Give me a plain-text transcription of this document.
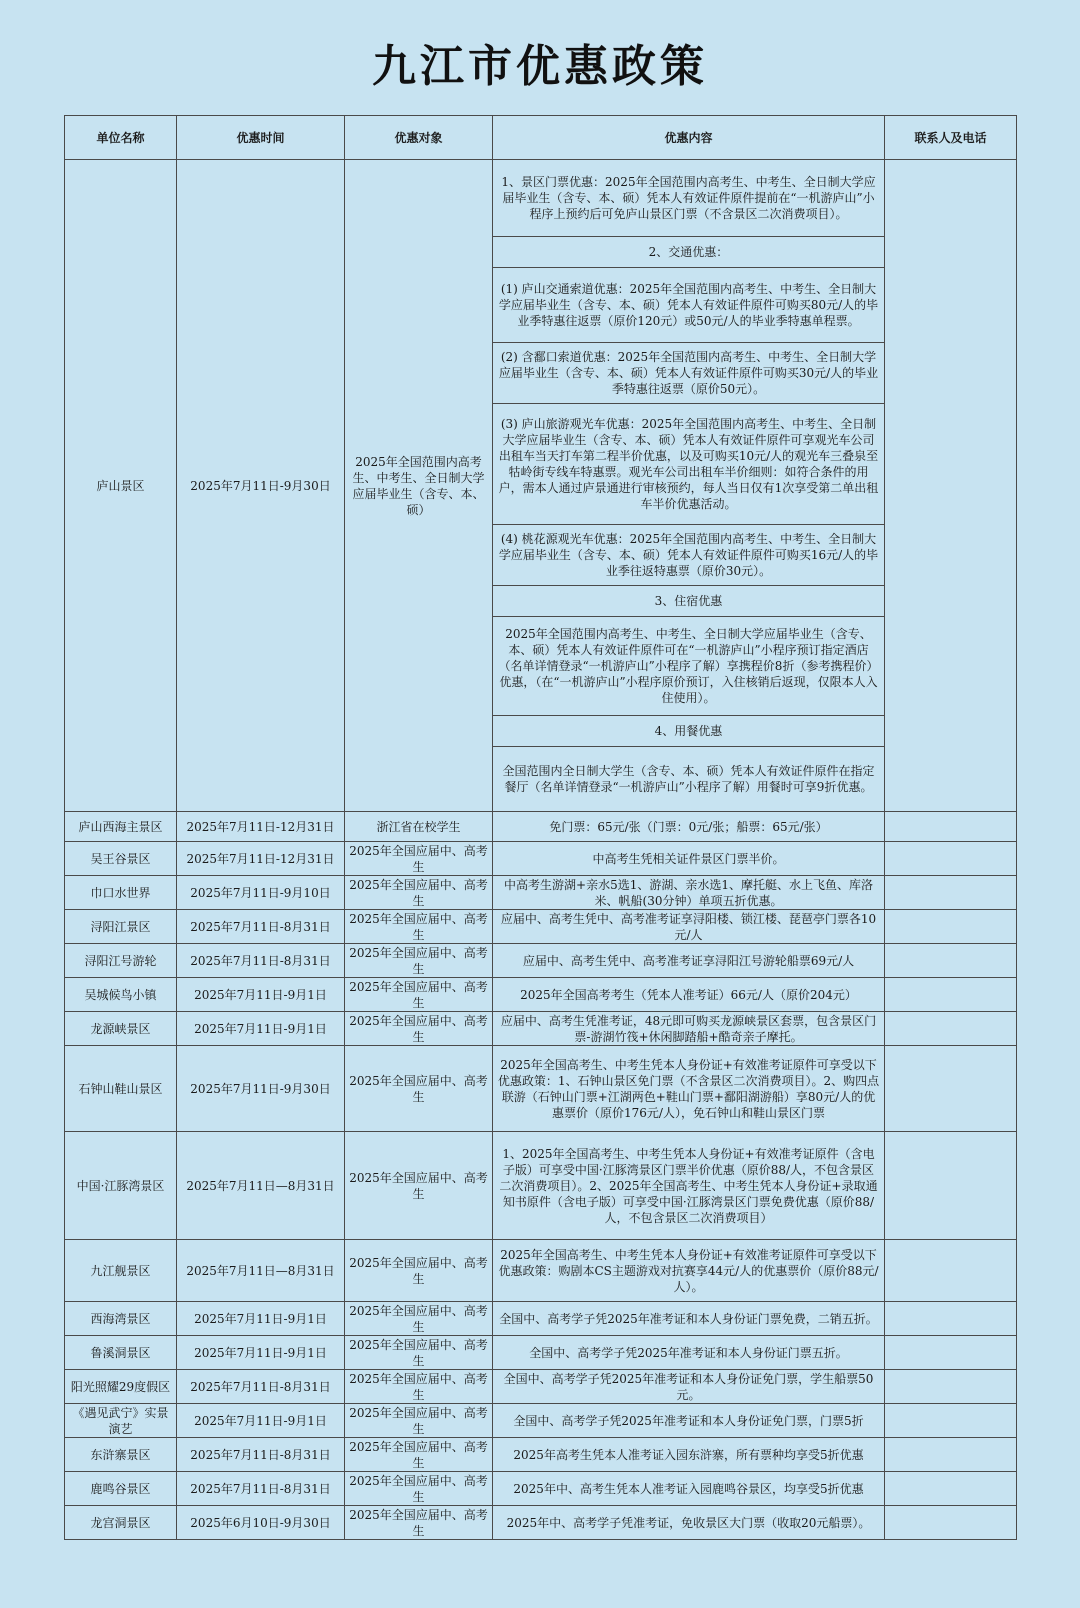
九江市优惠政策
单位名称	优惠时间	优惠对象	优惠内容	联系人及电话
庐山景区	2025年7月11日-9月30日	2025年全国范围内高考生、中考生、全日制大学应届毕业生（含专、本、硕）	1、景区门票优惠：2025年全国范围内高考生、中考生、全日制大学应届毕业生（含专、本、硕）凭本人有效证件原件提前在“一机游庐山”小程序上预约后可免庐山景区门票（不含景区二次消费项目）。	
			2、交通优惠：	
			(1) 庐山交通索道优惠：2025年全国范围内高考生、中考生、全日制大学应届毕业生（含专、本、硕）凭本人有效证件原件可购买80元/人的毕业季特惠往返票（原价120元）或50元/人的毕业季特惠单程票。	
			(2) 含鄱口索道优惠：2025年全国范围内高考生、中考生、全日制大学应届毕业生（含专、本、硕）凭本人有效证件原件可购买30元/人的毕业季特惠往返票（原价50元）。	
			(3) 庐山旅游观光车优惠：2025年全国范围内高考生、中考生、全日制大学应届毕业生（含专、本、硕）凭本人有效证件原件可享观光车公司出租车当天打车第二程半价优惠，以及可购买10元/人的观光车三叠泉至牯岭街专线车特惠票。观光车公司出租车半价细则：如符合条件的用户，需本人通过庐景通进行审核预约，每人当日仅有1次享受第二单出租车半价优惠活动。	
			(4) 桃花源观光车优惠：2025年全国范围内高考生、中考生、全日制大学应届毕业生（含专、本、硕）凭本人有效证件原件可购买16元/人的毕业季往返特惠票（原价30元）。	
			3、住宿优惠	
			2025年全国范围内高考生、中考生、全日制大学应届毕业生（含专、本、硕）凭本人有效证件原件可在“一机游庐山”小程序预订指定酒店（名单详情登录“一机游庐山”小程序了解）享携程价8折（参考携程价）优惠，（在“一机游庐山”小程序原价预订，入住核销后返现，仅限本人入住使用）。	
			4、用餐优惠	
			全国范围内全日制大学生（含专、本、硕）凭本人有效证件原件在指定餐厅（名单详情登录“一机游庐山”小程序了解）用餐时可享9折优惠。	
庐山西海主景区	2025年7月11日-12月31日	浙江省在校学生	免门票：65元/张（门票：0元/张；船票：65元/张）	
吴王谷景区	2025年7月11日-12月31日	2025年全国应届中、高考生	中高考生凭相关证件景区门票半价。	
巾口水世界	2025年7月11日-9月10日	2025年全国应届中、高考生	中高考生游湖+亲水5选1、游湖、亲水选1、摩托艇、水上飞鱼、库洛米、帆船(30分钟）单项五折优惠。	
浔阳江景区	2025年7月11日-8月31日	2025年全国应届中、高考生	应届中、高考生凭中、高考准考证享浔阳楼、锁江楼、琵琶亭门票各10元/人	
浔阳江号游轮	2025年7月11日-8月31日	2025年全国应届中、高考生	应届中、高考生凭中、高考准考证享浔阳江号游轮船票69元/人	
吴城候鸟小镇	2025年7月11日-9月1日	2025年全国应届中、高考生	2025年全国高考考生（凭本人准考证）66元/人（原价204元）	
龙源峡景区	2025年7月11日-9月1日	2025年全国应届中、高考生	应届中、高考生凭准考证，48元即可购买龙源峡景区套票，包含景区门票-游湖竹筏+休闲脚踏船+酷奇亲子摩托。	
石钟山鞋山景区	2025年7月11日-9月30日	2025年全国应届中、高考生	2025年全国高考生、中考生凭本人身份证+有效准考证原件可享受以下优惠政策：1、石钟山景区免门票（不含景区二次消费项目）。2、购四点联游（石钟山门票+江湖两色+鞋山门票+鄱阳湖游船）享80元/人的优惠票价（原价176元/人），免石钟山和鞋山景区门票	
中国·江豚湾景区	2025年7月11日—8月31日	2025年全国应届中、高考生	1、2025年全国高考生、中考生凭本人身份证+有效准考证原件（含电子版）可享受中国·江豚湾景区门票半价优惠（原价88/人，不包含景区二次消费项目）。2、2025年全国高考生、中考生凭本人身份证+录取通知书原件（含电子版）可享受中国·江豚湾景区门票免费优惠（原价88/人，不包含景区二次消费项目）	
九江舰景区	2025年7月11日—8月31日	2025年全国应届中、高考生	2025年全国高考生、中考生凭本人身份证+有效准考证原件可享受以下优惠政策：购剧本CS主题游戏对抗赛享44元/人的优惠票价（原价88元/人）。	
西海湾景区	2025年7月11日-9月1日	2025年全国应届中、高考生	全国中、高考学子凭2025年准考证和本人身份证门票免费，二销五折。	
鲁溪洞景区	2025年7月11日-9月1日	2025年全国应届中、高考生	全国中、高考学子凭2025年准考证和本人身份证门票五折。	
阳光照耀29度假区	2025年7月11日-8月31日	2025年全国应届中、高考生	全国中、高考学子凭2025年准考证和本人身份证免门票，学生船票50元。	
《遇见武宁》实景演艺	2025年7月11日-9月1日	2025年全国应届中、高考生	全国中、高考学子凭2025年准考证和本人身份证免门票，门票5折	
东浒寨景区	2025年7月11日-8月31日	2025年全国应届中、高考生	2025年高考生凭本人准考证入园东浒寨，所有票种均享受5折优惠	
鹿鸣谷景区	2025年7月11日-8月31日	2025年全国应届中、高考生	2025年中、高考生凭本人准考证入园鹿鸣谷景区，均享受5折优惠	
龙宫洞景区	2025年6月10日-9月30日	2025年全国应届中、高考生	2025年中、高考学子凭准考证，免收景区大门票（收取20元船票）。	
